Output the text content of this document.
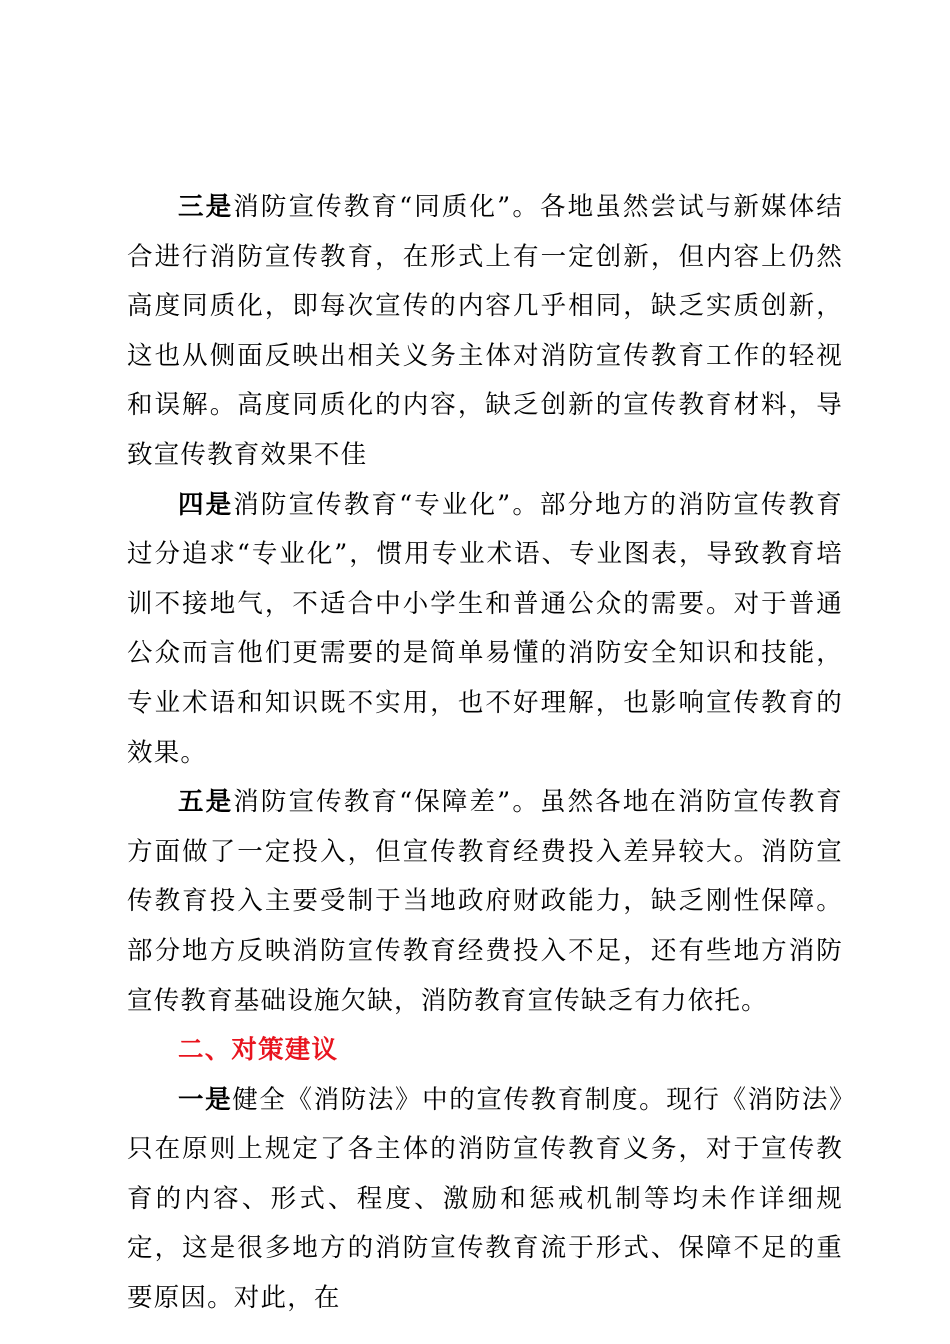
三是消防宣传教育“同质化”。各地虽然尝试与新媒体结合进行消防宣传教育，在形式上有一定创新，但内容上仍然高度同质化，即每次宣传的内容几乎相同，缺乏实质创新，这也从侧面反映出相关义务主体对消防宣传教育工作的轻视和误解。高度同质化的内容，缺乏创新的宣传教育材料，导致宣传教育效果不佳

四是消防宣传教育“专业化”。部分地方的消防宣传教育过分追求“专业化”，惯用专业术语、专业图表，导致教育培训不接地气，不适合中小学生和普通公众的需要。对于普通公众而言他们更需要的是简单易懂的消防安全知识和技能，专业术语和知识既不实用，也不好理解，也影响宣传教育的效果。

五是消防宣传教育“保障差”。虽然各地在消防宣传教育方面做了一定投入，但宣传教育经费投入差异较大。消防宣传教育投入主要受制于当地政府财政能力，缺乏刚性保障。部分地方反映消防宣传教育经费投入不足，还有些地方消防宣传教育基础设施欠缺，消防教育宣传缺乏有力依托。

二、对策建议

一是健全《消防法》中的宣传教育制度。现行《消防法》只在原则上规定了各主体的消防宣传教育义务，对于宣传教育的内容、形式、程度、激励和惩戒机制等均未作详细规定，这是很多地方的消防宣传教育流于形式、保障不足的重要原因。对此，在
